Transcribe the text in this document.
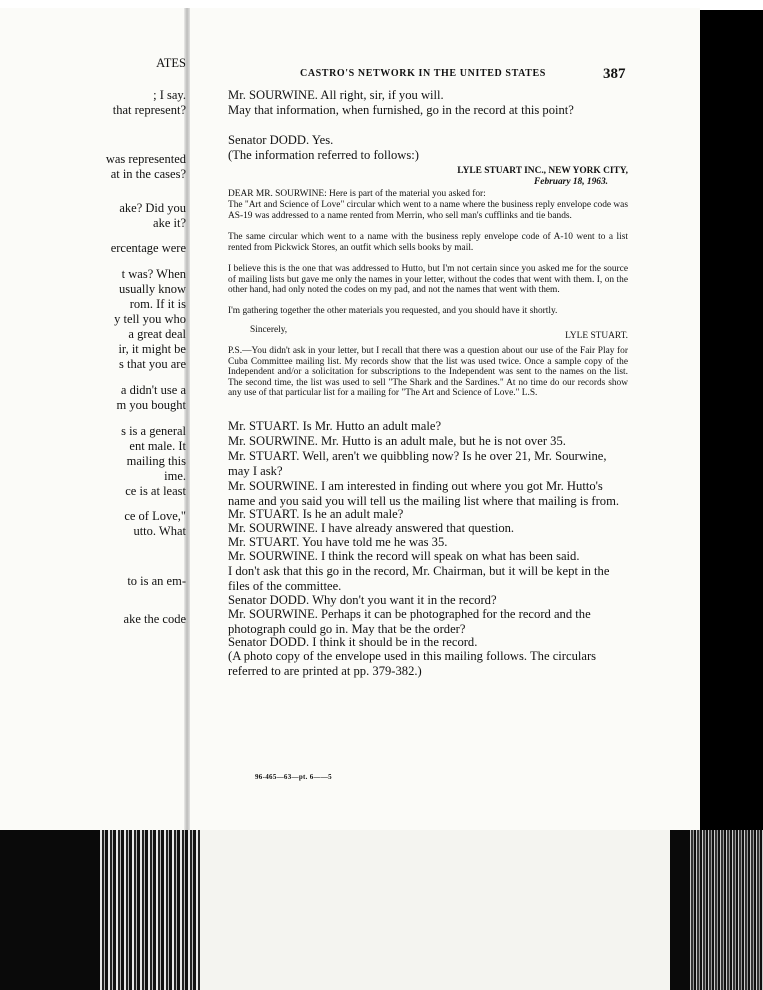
ATES
; I say.
that represent?
was represented
at in the cases?
ake? Did you
ake it?
ercentage were
t was? When
usually know
rom. If it is
y tell you who
a great deal
ir, it might be
s that you are
a didn't use a
m you bought
s is a general
ent male. It
mailing this
ime.
ce is at least
ce of Love,"
utto. What
to is an em-
ake the code
CASTRO'S NETWORK IN THE UNITED STATES	387
Mr. SOURWINE. All right, sir, if you will.
May that information, when furnished, go in the record at this point?
Senator DODD. Yes.
(The information referred to follows:)
LYLE STUART INC., NEW YORK CITY,
February 18, 1963.
DEAR MR. SOURWINE: Here is part of the material you asked for:
The "Art and Science of Love" circular which went to a name where the business reply envelope code was AS-19 was addressed to a name rented from Merrin, who sell man's cufflinks and tie bands.
The same circular which went to a name with the business reply envelope code of A-10 went to a list rented from Pickwick Stores, an outfit which sells books by mail.
I believe this is the one that was addressed to Hutto, but I'm not certain since you asked me for the source of mailing lists but gave me only the names in your letter, without the codes that went with them. I, on the other hand, had only noted the codes on my pad, and not the names that went with them.
I'm gathering together the other materials you requested, and you should have it shortly.
Sincerely,
LYLE STUART.
P.S.—You didn't ask in your letter, but I recall that there was a question about our use of the Fair Play for Cuba Committee mailing list. My records show that the list was used twice. Once a sample copy of the Independent and/or a solicitation for subscriptions to the Independent was sent to the names on the list. The second time, the list was used to sell "The Shark and the Sardines." At no time do our records show any use of that particular list for a mailing for "The Art and Science of Love." L.S.
Mr. STUART. Is Mr. Hutto an adult male?
Mr. SOURWINE. Mr. Hutto is an adult male, but he is not over 35.
Mr. STUART. Well, aren't we quibbling now? Is he over 21, Mr. Sourwine, may I ask?
Mr. SOURWINE. I am interested in finding out where you got Mr. Hutto's name and you said you will tell us the mailing list where that mailing is from.
Mr. STUART. Is he an adult male?
Mr. SOURWINE. I have already answered that question.
Mr. STUART. You have told me he was 35.
Mr. SOURWINE. I think the record will speak on what has been said.
I don't ask that this go in the record, Mr. Chairman, but it will be kept in the files of the committee.
Senator DODD. Why don't you want it in the record?
Mr. SOURWINE. Perhaps it can be photographed for the record and the photograph could go in. May that be the order?
Senator DODD. I think it should be in the record.
(A photo copy of the envelope used in this mailing follows. The circulars referred to are printed at pp. 379-382.)
96-465—63—pt. 6——5
